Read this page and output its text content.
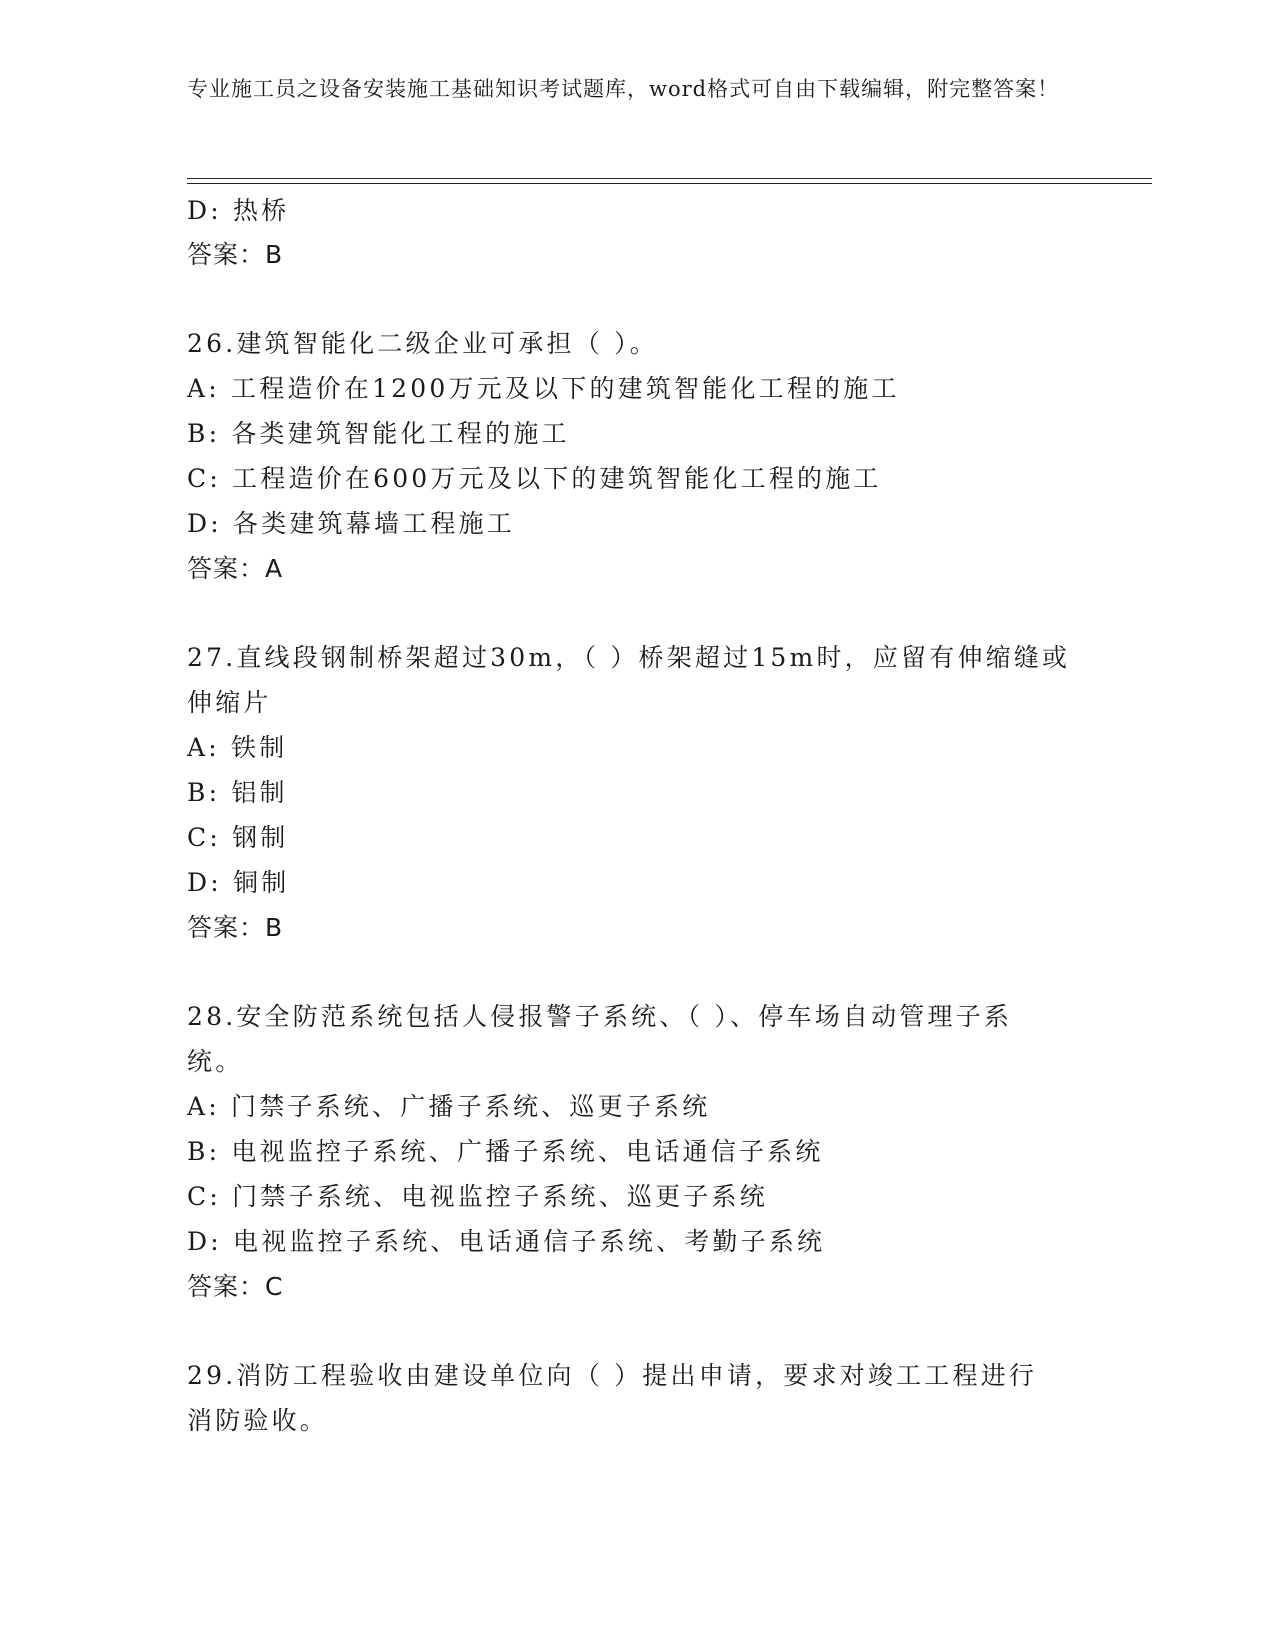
专业施工员之设备安装施工基础知识考试题库，word格式可自由下载编辑，附完整答案！
D: 热桥
答案：B
26.建筑智能化二级企业可承担（ ）。
A: 工程造价在1200万元及以下的建筑智能化工程的施工
B: 各类建筑智能化工程的施工
C: 工程造价在600万元及以下的建筑智能化工程的施工
D: 各类建筑幕墙工程施工
答案：A
27.直线段钢制桥架超过30m，（ ）桥架超过15m时，应留有伸缩缝或
伸缩片
A: 铁制
B: 铝制
C: 钢制
D: 铜制
答案：B
28.安全防范系统包括人侵报警子系统、（ ）、停车场自动管理子系
统。
A: 门禁子系统、广播子系统、巡更子系统
B: 电视监控子系统、广播子系统、电话通信子系统
C: 门禁子系统、电视监控子系统、巡更子系统
D: 电视监控子系统、电话通信子系统、考勤子系统
答案：C
29.消防工程验收由建设单位向（ ）提出申请，要求对竣工工程进行
消防验收。
